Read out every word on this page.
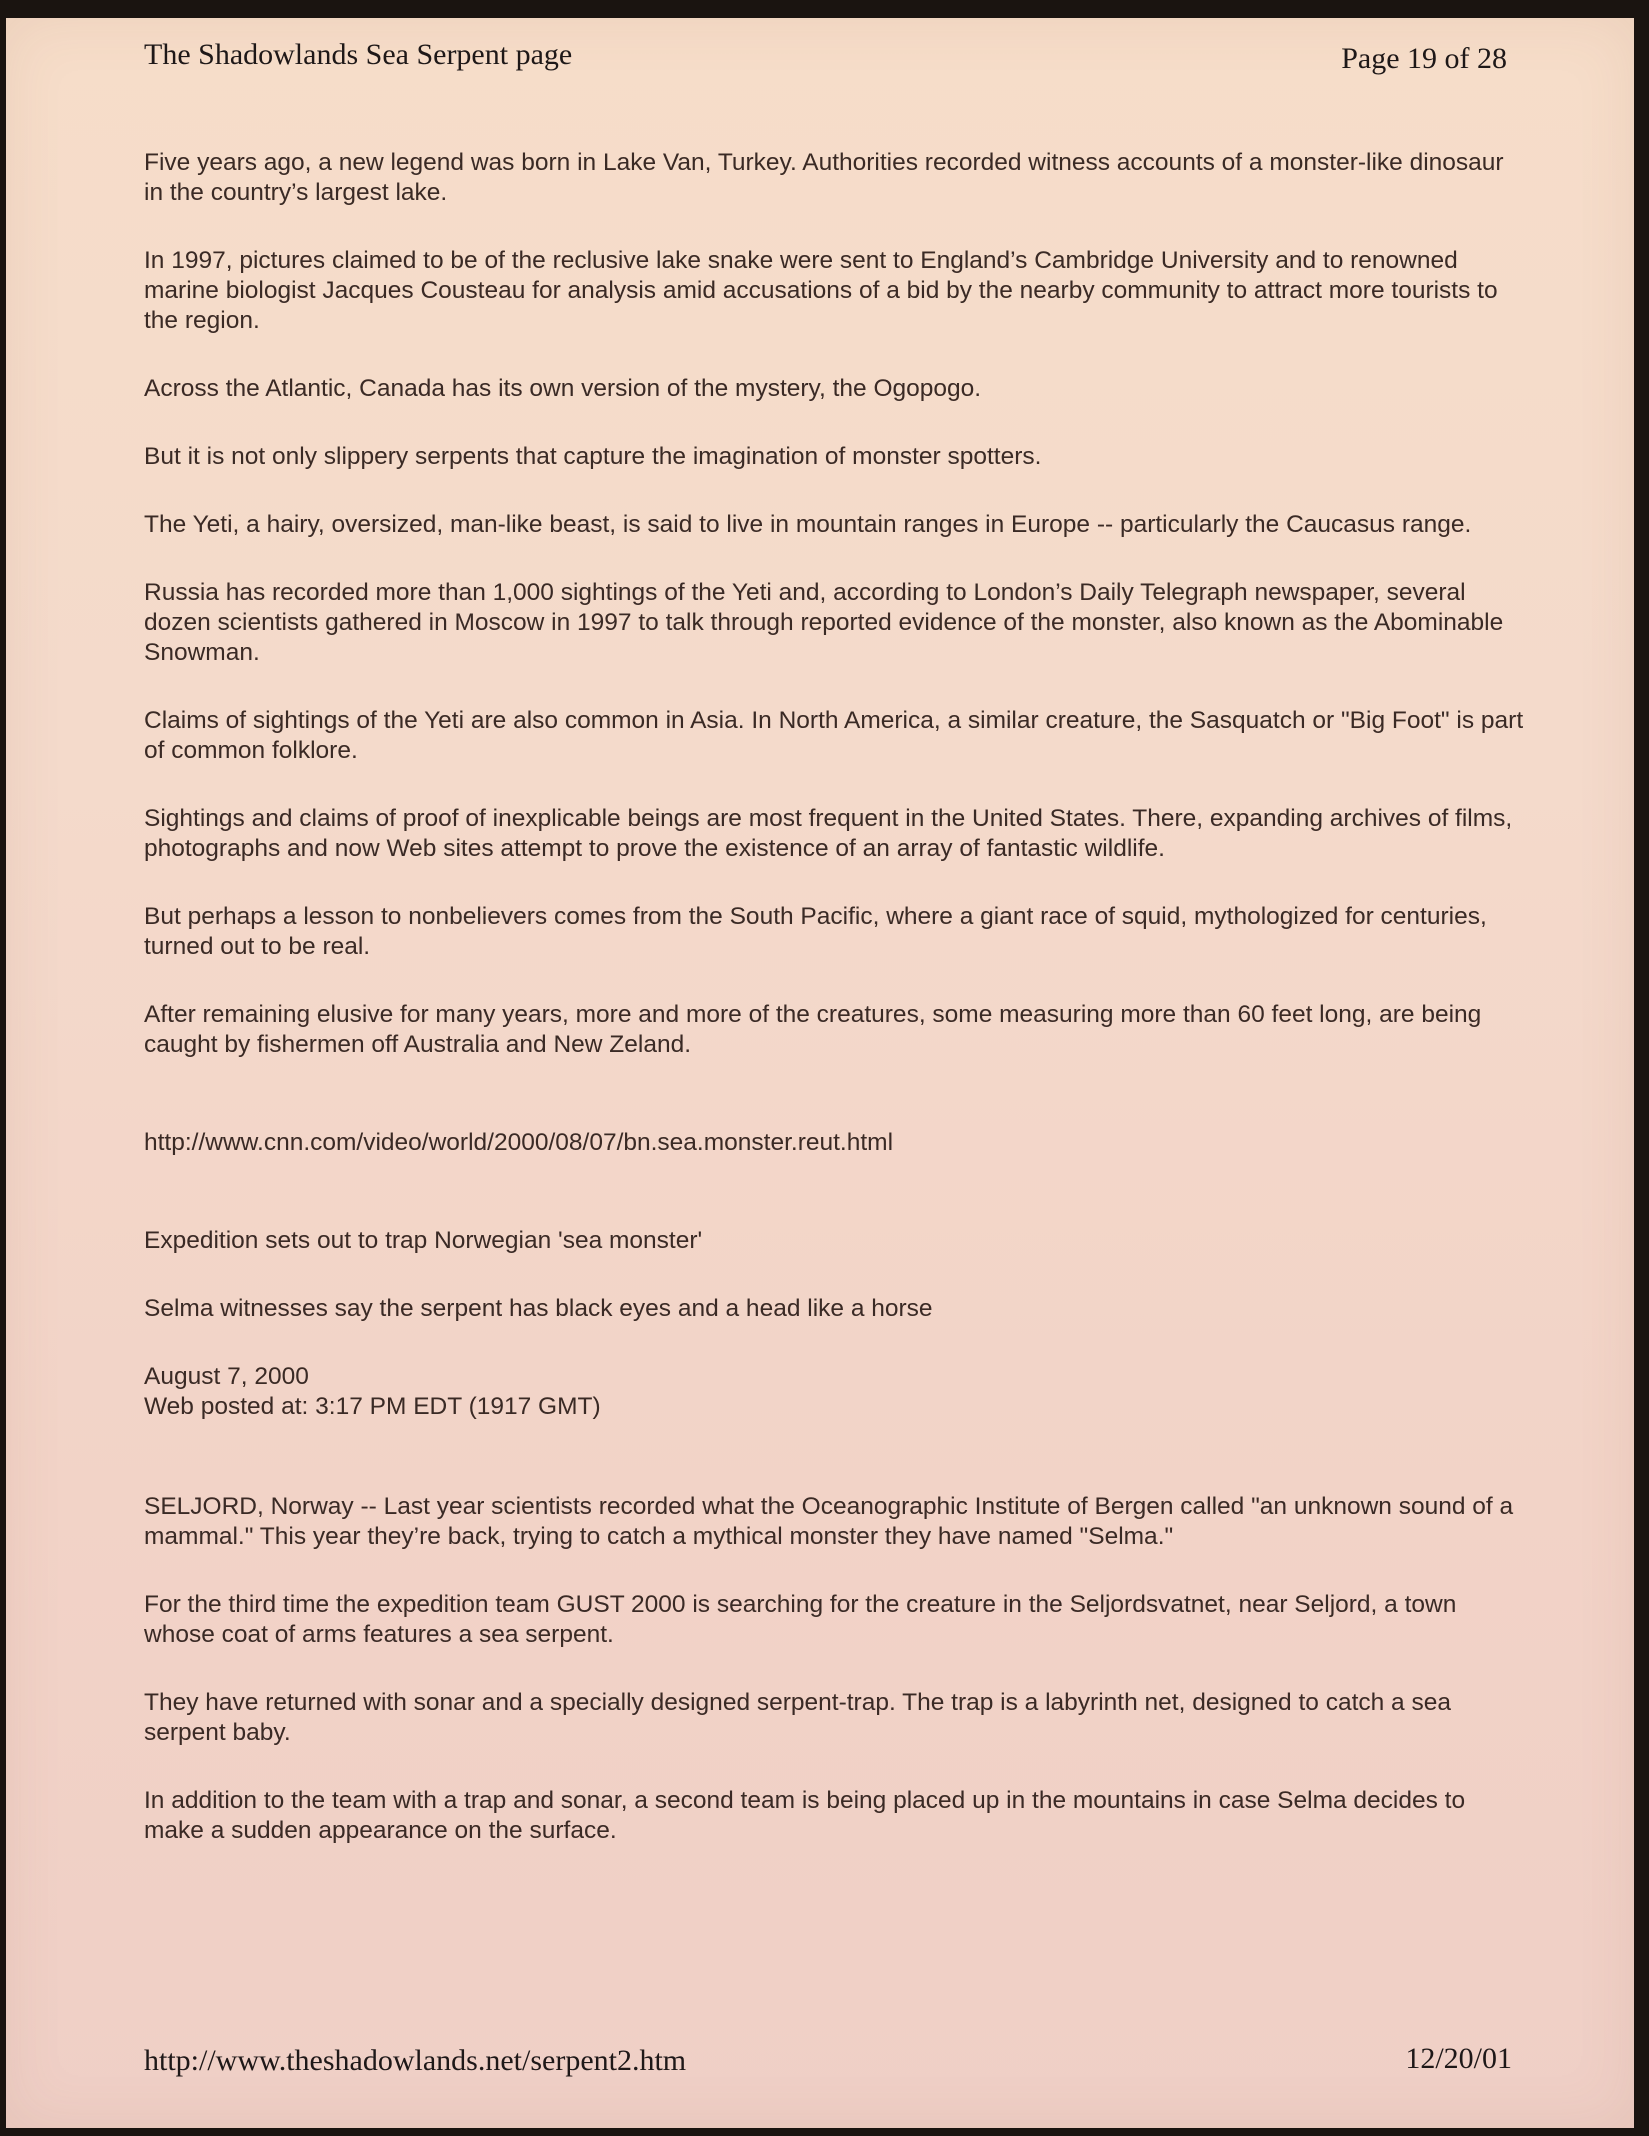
The Shadowlands Sea Serpent page	Page 19 of 28

Five years ago, a new legend was born in Lake Van, Turkey. Authorities recorded witness accounts of a monster-like dinosaur in the country’s largest lake.

In 1997, pictures claimed to be of the reclusive lake snake were sent to England’s Cambridge University and to renowned marine biologist Jacques Cousteau for analysis amid accusations of a bid by the nearby community to attract more tourists to the region.

Across the Atlantic, Canada has its own version of the mystery, the Ogopogo.

But it is not only slippery serpents that capture the imagination of monster spotters.

The Yeti, a hairy, oversized, man-like beast, is said to live in mountain ranges in Europe -- particularly the Caucasus range.

Russia has recorded more than 1,000 sightings of the Yeti and, according to London’s Daily Telegraph newspaper, several dozen scientists gathered in Moscow in 1997 to talk through reported evidence of the monster, also known as the Abominable Snowman.

Claims of sightings of the Yeti are also common in Asia. In North America, a similar creature, the Sasquatch or "Big Foot" is part of common folklore.

Sightings and claims of proof of inexplicable beings are most frequent in the United States. There, expanding archives of films, photographs and now Web sites attempt to prove the existence of an array of fantastic wildlife.

But perhaps a lesson to nonbelievers comes from the South Pacific, where a giant race of squid, mythologized for centuries, turned out to be real.

After remaining elusive for many years, more and more of the creatures, some measuring more than 60 feet long, are being caught by fishermen off Australia and New Zeland.

http://www.cnn.com/video/world/2000/08/07/bn.sea.monster.reut.html

Expedition sets out to trap Norwegian 'sea monster'

Selma witnesses say the serpent has black eyes and a head like a horse

August 7, 2000
Web posted at: 3:17 PM EDT (1917 GMT)

SELJORD, Norway -- Last year scientists recorded what the Oceanographic Institute of Bergen called "an unknown sound of a mammal." This year they’re back, trying to catch a mythical monster they have named "Selma."

For the third time the expedition team GUST 2000 is searching for the creature in the Seljordsvatnet, near Seljord, a town whose coat of arms features a sea serpent.

They have returned with sonar and a specially designed serpent-trap. The trap is a labyrinth net, designed to catch a sea serpent baby.

In addition to the team with a trap and sonar, a second team is being placed up in the mountains in case Selma decides to make a sudden appearance on the surface.

http://www.theshadowlands.net/serpent2.htm	12/20/01
